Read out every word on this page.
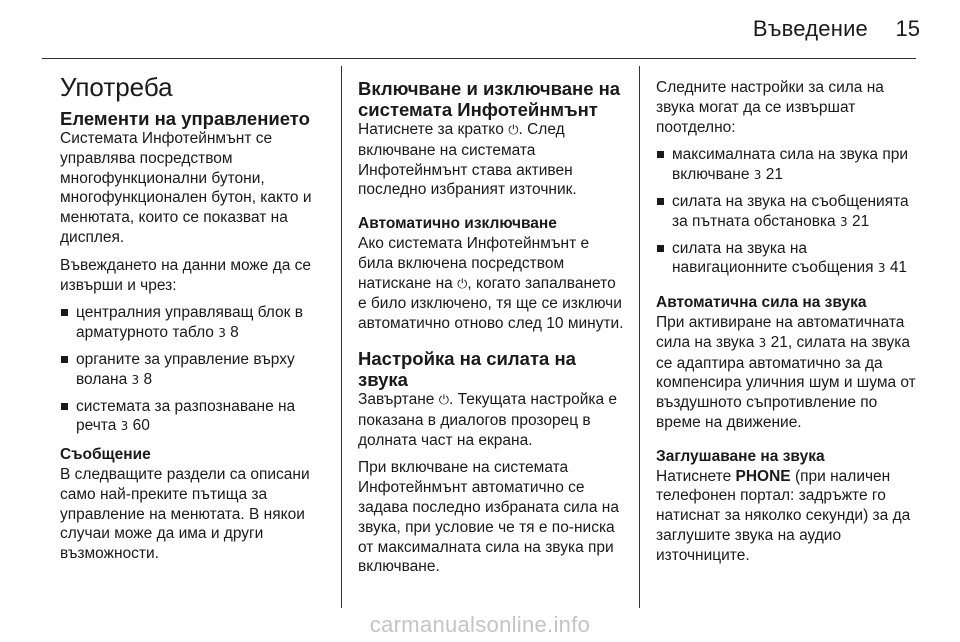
Въведение 15
Употреба
Елементи на управлението

Системата Инфотейнмънт се управлява посредством многофункционални бутони, многофункционален бутон, както и менютата, които се показват на дисплея.

Въвеждането на данни може да се извърши и чрез:

централния управляващ блок в арматурното табло 3 8
органите за управление върху волана 3 8
системата за разпознаване на речта 3 60
Съобщение

В следващите раздели са описани само най-преките пътища за управление на менютата. В някои случаи може да има и други възможности.

Включване и изключване на системата Инфотейнмънт

Натиснете за кратко ⏻. След включване на системата Инфотейнмънт става активен последно избраният източник.

Автоматично изключване

Ако системата Инфотейнмънт е била включена посредством натискане на ⏻, когато запалването е било изключено, тя ще се изключи автоматично отново след 10 минути.

Настройка на силата на звука

Завъртане ⏻. Текущата настройка е показана в диалогов прозорец в долната част на екрана.

При включване на системата Инфотейнмънт автоматично се задава последно избраната сила на звука, при условие че тя е по-ниска от максималната сила на звука при включване.

Следните настройки за сила на звука могат да се извършат поотделно:

максималната сила на звука при включване 3 21
силата на звука на съобщенията за пътната обстановка 3 21
силата на звука на навигационните съобщения 3 41
Автоматична сила на звука

При активиране на автоматичната сила на звука 3 21, силата на звука се адаптира автоматично за да компенсира уличния шум и шума от въздушното съпротивление по време на движение.

Заглушаване на звука

Натиснете PHONE (при наличен телефонен портал: задръжте го натиснат за няколко секунди) за да заглушите звука на аудио източниците.

carmanualsonline.info
